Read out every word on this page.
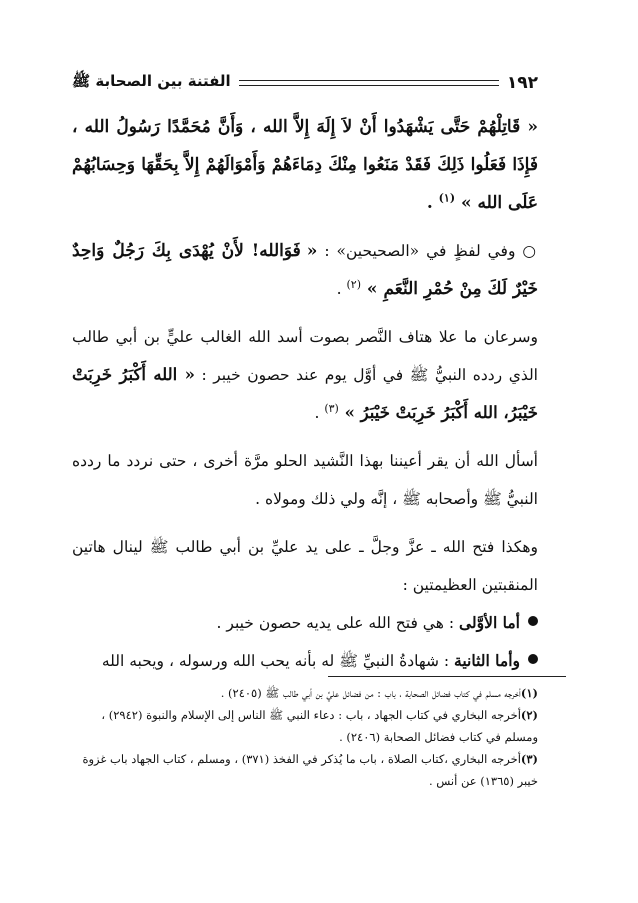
١٩٢
الفتنة بين الصحابة ﷺ

« قَاتِلْهُمْ حَتَّى يَشْهَدُوا أَنْ لاَ إِلَهَ إِلاَّ الله ، وَأَنَّ مُحَمَّدًا رَسُولُ الله ، فَإِذَا فَعَلُوا ذَلِكَ فَقَدْ مَنَعُوا مِنْكَ دِمَاءَهُمْ وَأَمْوَالَهُمْ إِلاَّ بِحَقِّهَا وَحِسَابُهُمْ عَلَى الله » $^{(١)}$ .

○ وفي لفظٍ في «الصحيحين» : « فَوَالله! لأَنْ يُهْدَى بِكَ رَجُلٌ وَاحِدٌ خَيْرٌ لَكَ مِنْ حُمْرِ النَّعَمِ » $^{(٢)}$ .

وسرعان ما علا هتاف النَّصر بصوت أسد الله الغالب عليٍّ بن أبي طالب الذي ردده النبيُّ ﷺ في أوَّل يوم عند حصون خيبر : « الله أَكْبَرُ خَرِبَتْ خَيْبَرُ، الله أَكْبَرُ خَرِبَتْ خَيْبَرُ » $^{(٣)}$ .

أسأل الله أن يقر أعيننا بهذا النَّشيد الحلو مرَّة أخرى ، حتى نردد ما ردده النبيُّ ﷺ وأصحابه ﷺ ، إنَّه ولي ذلك ومولاه .

وهكذا فتح الله ـ عزَّ وجلَّ ـ على يد عليِّ بن أبي طالب ﷺ لينال هاتين المنقبتين العظيمتين :

أما الأوَّلى : هي فتح الله على يديه حصون خيبر .

وأما الثانية : شهادةُ النبيِّ ﷺ له بأنه يحب الله ورسوله ، ويحبه الله

(١)أخرجه مسلم في كتاب فضائل الصحابة ، باب : من فضائل عليِّ بن أبي طالب ﷺ (٢٤٠٥) .

(٢)أخرجه البخاري في كتاب الجهاد ، باب : دعاء النبي ﷺ الناس إلى الإسلام والنبوة (٢٩٤٢) ، ومسلم في كتاب فضائل الصحابة (٢٤٠٦) .

(٣)أخرجه البخاري ،كتاب الصلاة ، باب ما يُذكر في الفخذ (٣٧١) ، ومسلم ، كتاب الجهاد باب غزوة خيبر (١٣٦٥) عن أنس .
